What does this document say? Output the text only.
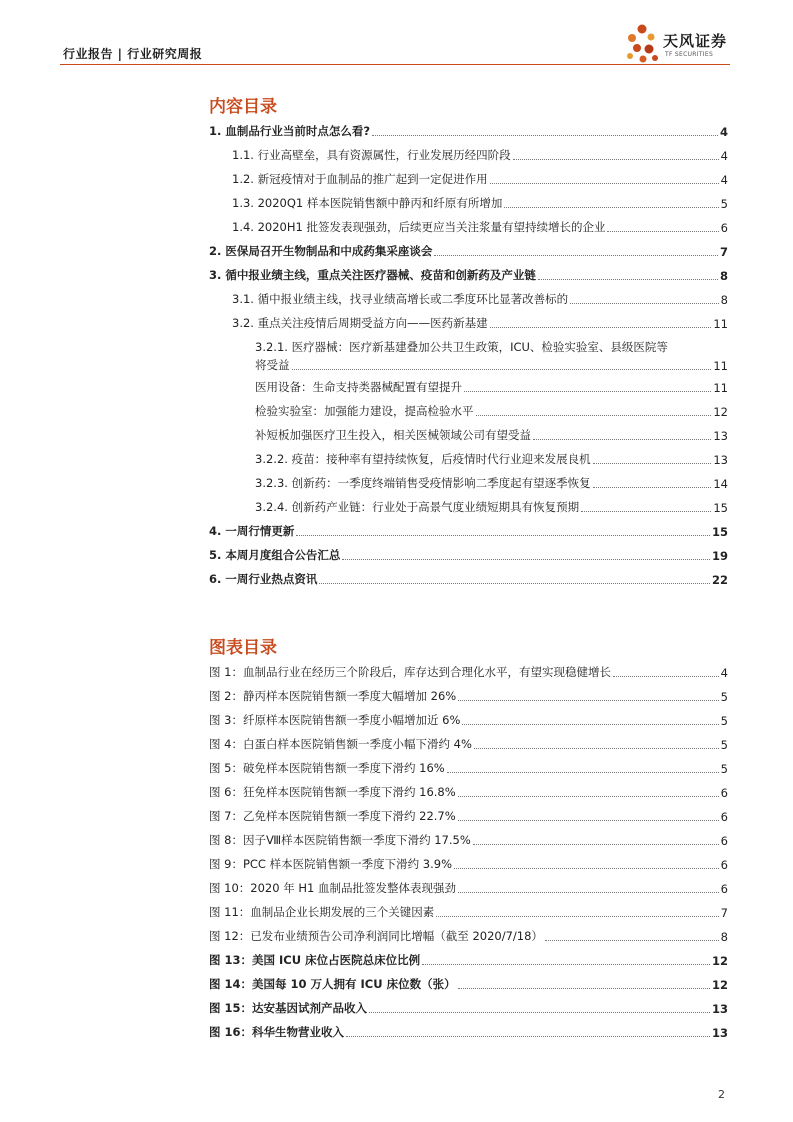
行业报告 | 行业研究周报
天风证券
TF SECURITIES
内容目录
1. 血制品行业当前时点怎么看?	4
1.1. 行业高壁垒，具有资源属性，行业发展历经四阶段	4
1.2. 新冠疫情对于血制品的推广起到一定促进作用	4
1.3. 2020Q1 样本医院销售额中静丙和纤原有所增加	5
1.4. 2020H1 批签发表现强劲，后续更应当关注浆量有望持续增长的企业	6
2. 医保局召开生物制品和中成药集采座谈会	7
3. 循中报业绩主线，重点关注医疗器械、疫苗和创新药及产业链	8
3.1. 循中报业绩主线，找寻业绩高增长或二季度环比显著改善标的	8
3.2. 重点关注疫情后周期受益方向——医药新基建	11
3.2.1. 医疗器械：医疗新基建叠加公共卫生政策，ICU、检验实验室、县级医院等
将受益	11
医用设备：生命支持类器械配置有望提升	11
检验实验室：加强能力建设，提高检验水平	12
补短板加强医疗卫生投入，相关医械领域公司有望受益	13
3.2.2. 疫苗：接种率有望持续恢复，后疫情时代行业迎来发展良机	13
3.2.3. 创新药：一季度终端销售受疫情影响二季度起有望逐季恢复	14
3.2.4. 创新药产业链：行业处于高景气度业绩短期具有恢复预期	15
4. 一周行情更新	15
5. 本周月度组合公告汇总	19
6. 一周行业热点资讯	22
图表目录
图 1：血制品行业在经历三个阶段后，库存达到合理化水平，有望实现稳健增长	4
图 2：静丙样本医院销售额一季度大幅增加 26%	5
图 3：纤原样本医院销售额一季度小幅增加近 6%	5
图 4：白蛋白样本医院销售额一季度小幅下滑约 4%	5
图 5：破免样本医院销售额一季度下滑约 16%	5
图 6：狂免样本医院销售额一季度下滑约 16.8%	6
图 7：乙免样本医院销售额一季度下滑约 22.7%	6
图 8：因子Ⅷ样本医院销售额一季度下滑约 17.5%	6
图 9：PCC 样本医院销售额一季度下滑约 3.9%	6
图 10：2020 年 H1 血制品批签发整体表现强劲	6
图 11：血制品企业长期发展的三个关键因素	7
图 12：已发布业绩预告公司净利润同比增幅（截至 2020/7/18）	8
图 13：美国 ICU 床位占医院总床位比例	12
图 14：美国每 10 万人拥有 ICU 床位数（张）	12
图 15：达安基因试剂产品收入	13
图 16：科华生物营业收入	13
2
